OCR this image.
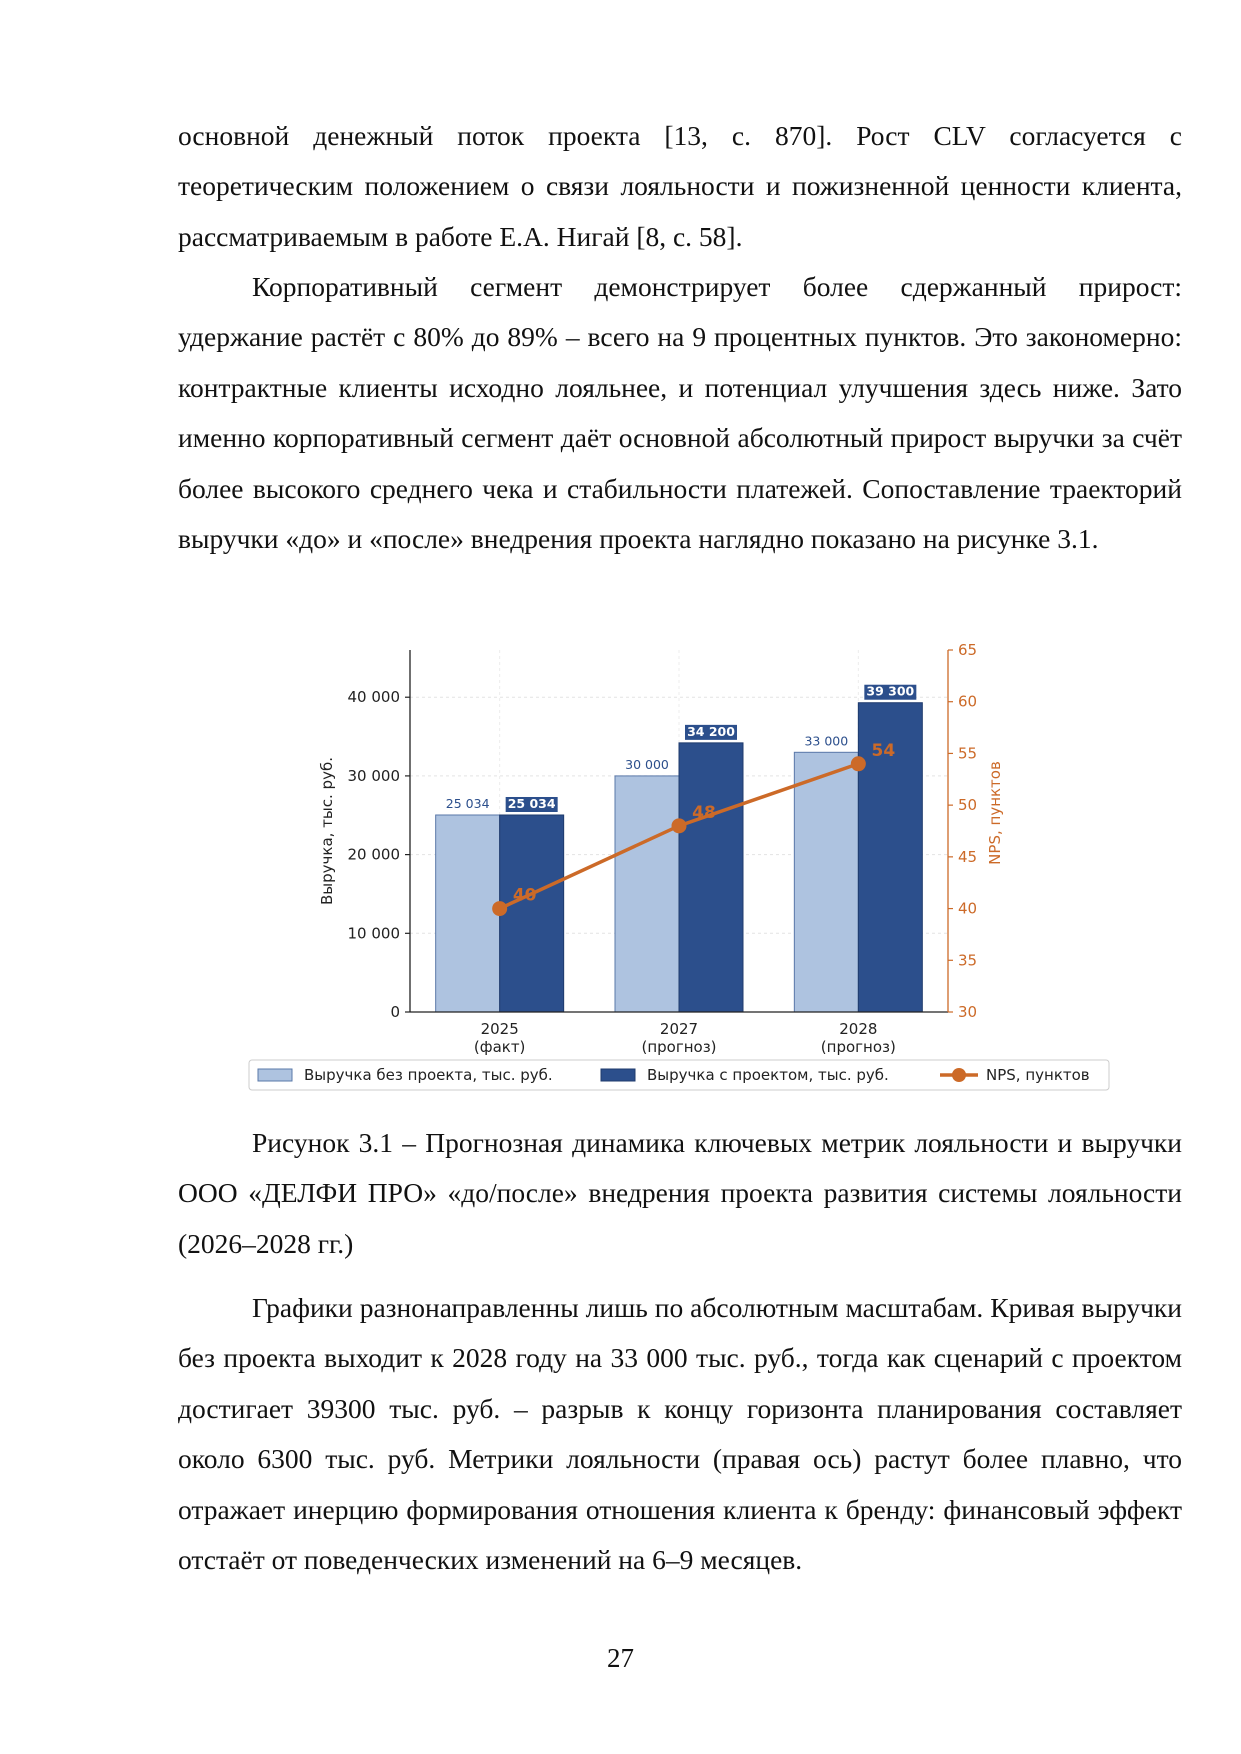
основной денежный поток проекта [13, с. 870]. Рост CLV согласуется с теоретическим положением о связи лояльности и пожизненной ценности клиента, рассматриваемым в работе Е.А. Нигай [8, с. 58].

Корпоративный сегмент демонстрирует более сдержанный прирост: удержание растёт с 80% до 89% – всего на 9 процентных пунктов. Это закономерно: контрактные клиенты исходно лояльнее, и потенциал улучшения здесь ниже. Зато именно корпоративный сегмент даёт основной абсолютный прирост выручки за счёт более высокого среднего чека и стабильности платежей. Сопоставление траекторий выручки «до» и «после» внедрения проекта наглядно показано на рисунке 3.1.

2025
(факт)
2027
(прогноз)
2028
(прогноз)
0
10 000
20 000
30 000
40 000
30
35
40
45
50
55
60
65
Выручка, тыс. руб.	NPS, пунктов
40
48
54
25 034 25 034
30 000
34 200
33 000
39 300
Выручка без проекта, тыс. руб.	Выручка с проектом, тыс. руб.	NPS, пунктов

Рисунок 3.1 – Прогнозная динамика ключевых метрик лояльности и выручки ООО «ДЕЛФИ ПРО» «до/после» внедрения проекта развития системы лояльности (2026–2028 гг.)

Графики разнонаправленны лишь по абсолютным масштабам. Кривая выручки без проекта выходит к 2028 году на 33 000 тыс. руб., тогда как сценарий с проектом достигает 39300 тыс. руб. – разрыв к концу горизонта планирования составляет около 6300 тыс. руб. Метрики лояльности (правая ось) растут более плавно, что отражает инерцию формирования отношения клиента к бренду: финансовый эффект отстаёт от поведенческих изменений на 6–9 месяцев.

27
